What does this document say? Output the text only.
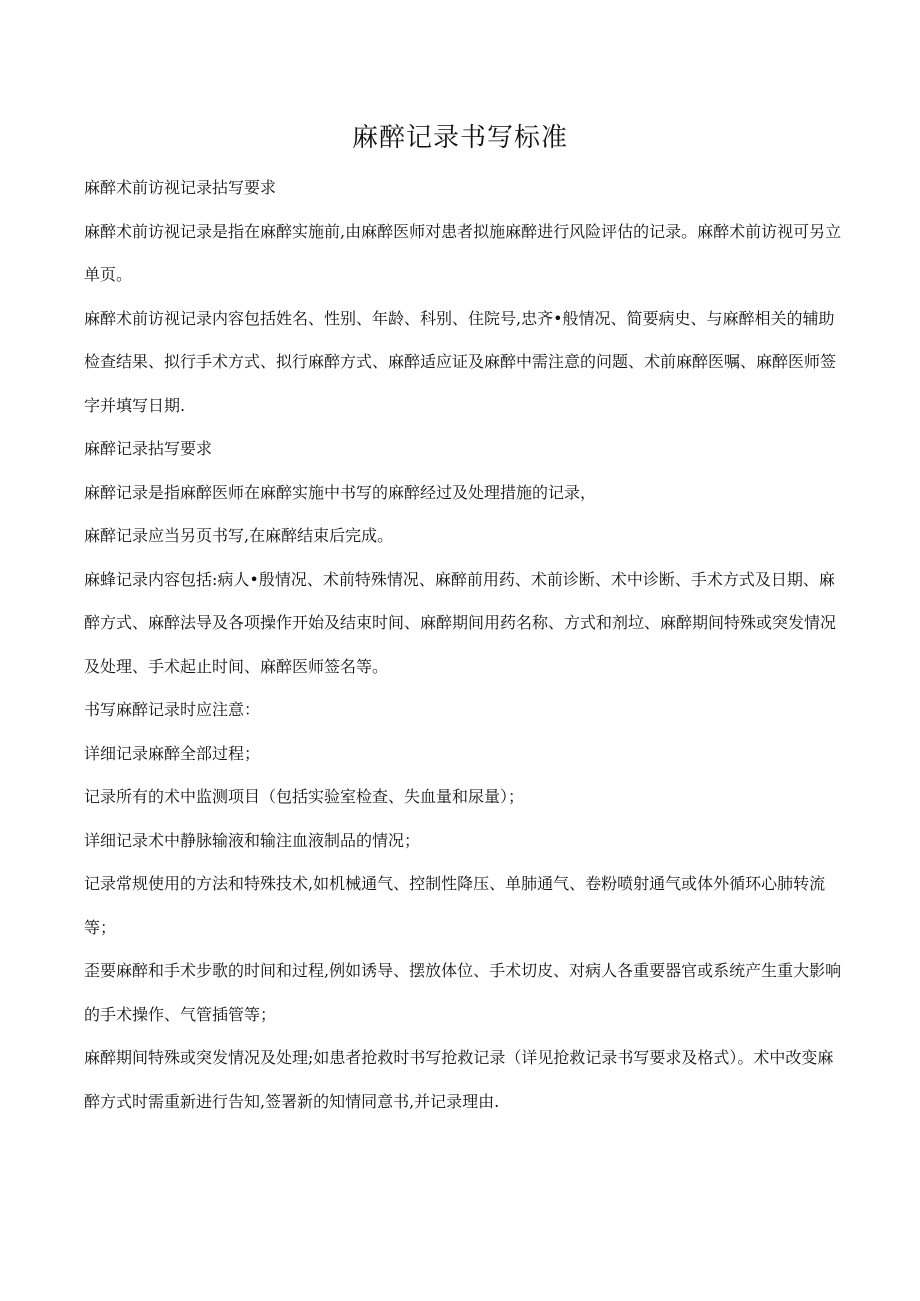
麻醉记录书写标准

麻醉术前访视记录拈写要求

麻醉术前访视记录是指在麻醉实施前,由麻醉医师对患者拟施麻醉进行风险评估的记录。麻醉术前访视可另立单页。

麻醉术前访视记录内容包括姓名、性别、年龄、科别、住院号,忠齐•般情况、简要病史、与麻醉相关的辅助检查结果、拟行手术方式、拟行麻醉方式、麻醉适应证及麻醉中需注意的问题、术前麻醉医嘱、麻醉医师签字并填写日期.

麻醉记录拈写要求

麻醉记录是指麻醉医师在麻醉实施中书写的麻醉经过及处理措施的记录，

麻醉记录应当另页书写,在麻醉结束后完成。

麻蜂记录内容包括:病人•殷情况、术前特殊情况、麻醉前用药、术前诊断、术中诊断、手术方式及日期、麻醉方式、麻醉法导及各项操作开始及结束时间、麻醉期间用药名称、方式和剂垃、麻醉期间特殊或突发情况及处理、手术起止时间、麻醉医师签名等。

书写麻醉记录时应注意：

详细记录麻醉全部过程；

记录所有的术中监测项目（包括实验室检查、失血量和尿量）；

详细记录术中静脉输液和输注血液制品的情况；

记录常规使用的方法和特殊技术,如机械通气、控制性降压、单肺通气、卷粉喷射通气或体外循环心肺转流等；

歪要麻醉和手术步歌的时间和过程,例如诱导、摆放体位、手术切皮、对病人各重要器官或系统产生重大影响的手术操作、气管插管等；

麻醉期间特殊或突发情况及处理;如患者抢救时书写抢救记录（详见抢救记录书写要求及格式）。术中改变麻醉方式时需重新进行告知,签署新的知情同意书,并记录理由.
